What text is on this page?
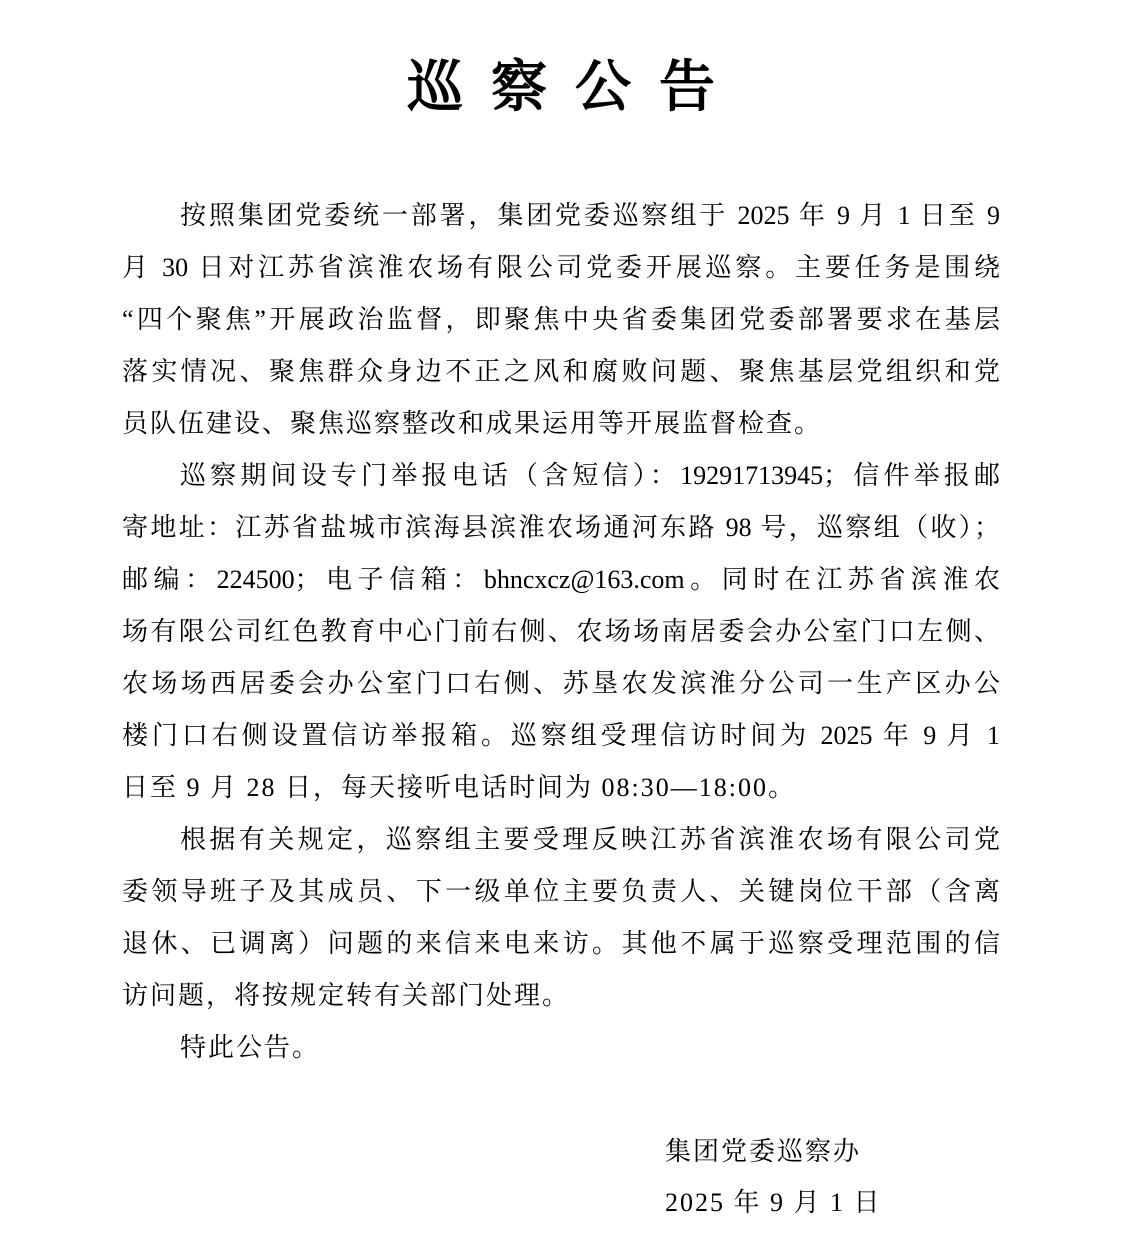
巡察公告
按照集团党委统一部署，集团党委巡察组于 2025 年 9 月 1 日至 9
月 30 日对江苏省滨淮农场有限公司党委开展巡察。主要任务是围绕
“四个聚焦”开展政治监督，即聚焦中央省委集团党委部署要求在基层
落实情况、聚焦群众身边不正之风和腐败问题、聚焦基层党组织和党
员队伍建设、聚焦巡察整改和成果运用等开展监督检查。
巡察期间设专门举报电话（含短信）：19291713945；信件举报邮
寄地址：江苏省盐城市滨海县滨淮农场通河东路 98 号，巡察组（收）；
邮编：224500；电子信箱：bhncxcz@163.com。同时在江苏省滨淮农
场有限公司红色教育中心门前右侧、农场场南居委会办公室门口左侧、
农场场西居委会办公室门口右侧、苏垦农发滨淮分公司一生产区办公
楼门口右侧设置信访举报箱。巡察组受理信访时间为 2025 年 9 月 1
日至 9 月 28 日，每天接听电话时间为 08:30—18:00。
根据有关规定，巡察组主要受理反映江苏省滨淮农场有限公司党
委领导班子及其成员、下一级单位主要负责人、关键岗位干部（含离
退休、已调离）问题的来信来电来访。其他不属于巡察受理范围的信
访问题，将按规定转有关部门处理。
特此公告。
集团党委巡察办
2025 年 9 月 1 日
